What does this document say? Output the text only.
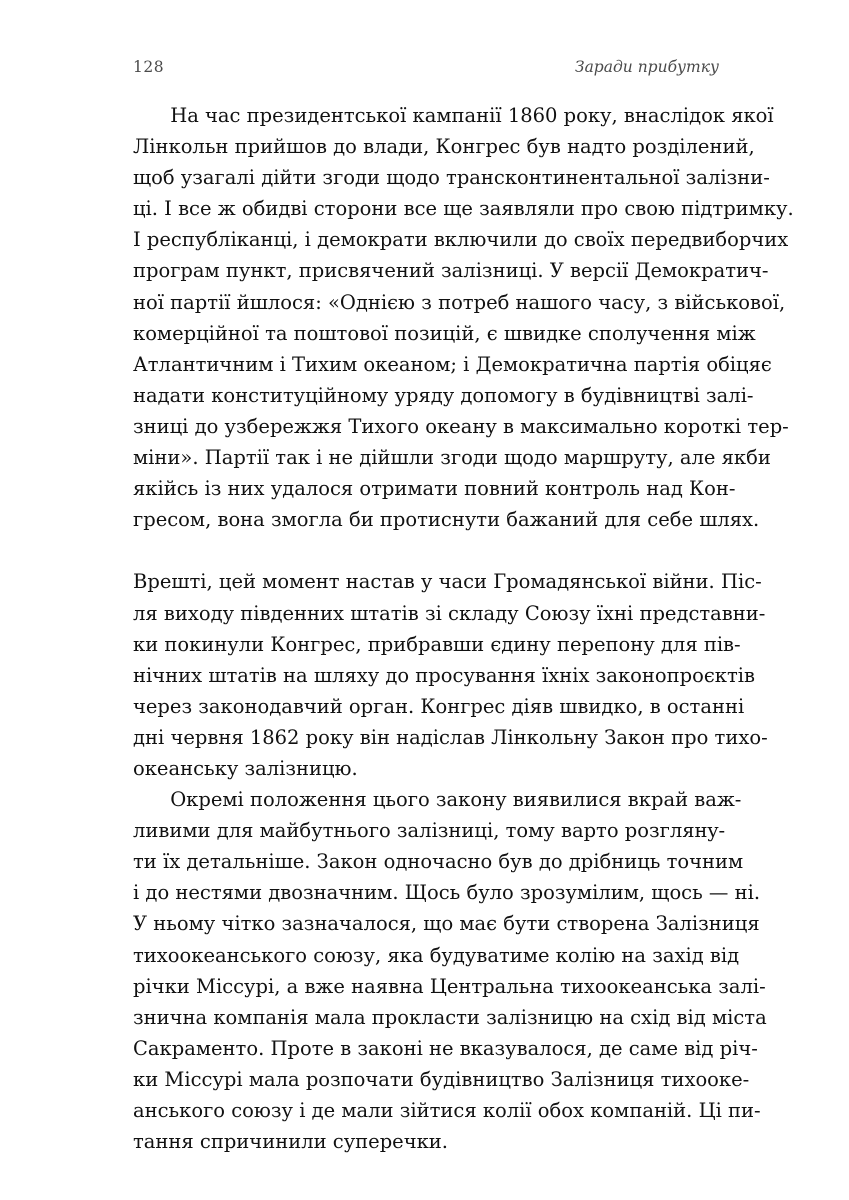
128	Заради прибутку
На час президентської кампанії 1860 року, внаслідок якої
Лінкольн прийшов до влади, Конгрес був надто розділений,
щоб узагалі дійти згоди щодо трансконтинентальної залізни-
ці. І все ж обидві сторони все ще заявляли про свою підтримку.
І республіканці, і демократи включили до своїх передвиборчих
програм пункт, присвячений залізниці. У версії Демократич-
ної партії йшлося: «Однією з потреб нашого часу, з військової,
комерційної та поштової позицій, є швидке сполучення між
Атлантичним і Тихим океаном; і Демократична партія обіцяє
надати конституційному уряду допомогу в будівництві залі-
зниці до узбережжя Тихого океану в максимально короткі тер-
міни». Партії так і не дійшли згоди щодо маршруту, але якби
якійсь із них удалося отримати повний контроль над Кон-
гресом, вона змогла би протиснути бажаний для себе шлях.
Врешті, цей момент настав у часи Громадянської війни. Піс-
ля виходу південних штатів зі складу Союзу їхні представни-
ки покинули Конгрес, прибравши єдину перепону для пів-
нічних штатів на шляху до просування їхніх законопроєктів
через законодавчий орган. Конгрес діяв швидко, в останні
дні червня 1862 року він надіслав Лінкольну Закон про тихо-
океанську залізницю.
Окремі положення цього закону виявилися вкрай важ-
ливими для майбутнього залізниці, тому варто розглянy-
ти їх детальніше. Закон одночасно був до дрібниць точним
і до нестями двозначним. Щось було зрозумілим, щось — ні.
У ньому чітко зазначалося, що має бути створена Залізниця
тихоокеанського союзу, яка будуватиме колію на захід від
річки Міссурі, а вже наявна Центральна тихоокеанська залі-
знична компанія мала прокласти залізницю на схід від міста
Сакраменто. Проте в законі не вказувалося, де саме від річ-
ки Міссурі мала розпочати будівництво Залізниця тихооке-
анського союзу і де мали зійтися колії обох компаній. Ці пи-
тання спричинили суперечки.
